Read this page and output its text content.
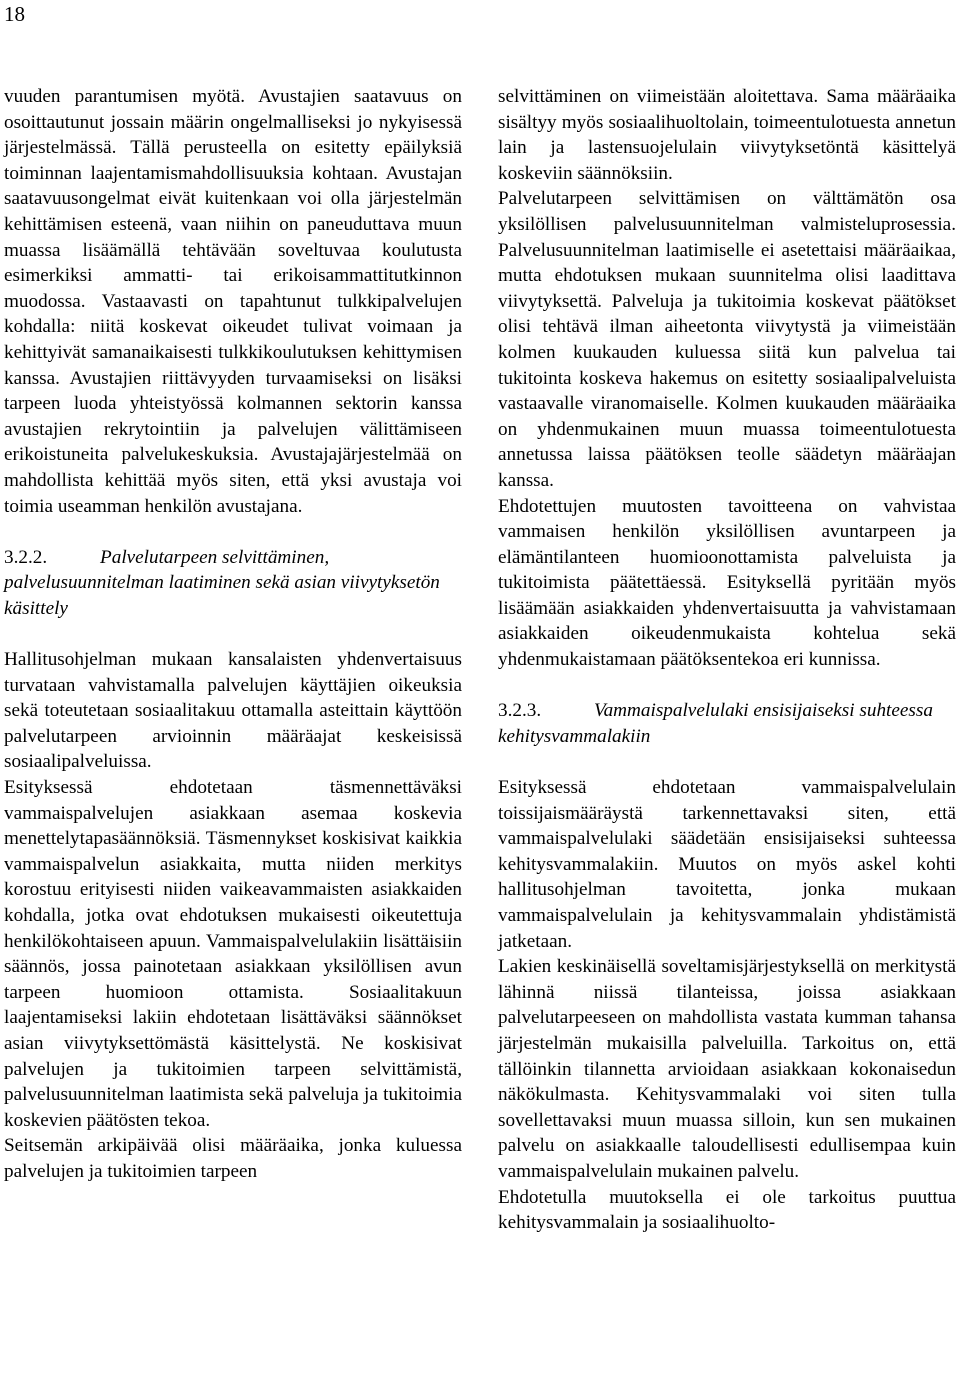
18

vuuden parantumisen myötä. Avustajien saatavuus on osoittautunut jossain määrin ongelmalliseksi jo nykyisessä järjestelmässä. Tällä perusteella on esitetty epäilyksiä toiminnan laajentamismahdollisuuksia kohtaan. Avustajan saatavuusongelmat eivät kuitenkaan voi olla järjestelmän kehittämisen esteenä, vaan niihin on paneuduttava muun muassa lisäämällä tehtävään soveltuvaa koulutusta esimerkiksi ammatti- tai erikoisammattitutkinnon muodossa. Vastaavasti on tapahtunut tulkkipalvelujen kohdalla: niitä koskevat oikeudet tulivat voimaan ja kehittyivät samanaikaisesti tulkkikoulutuksen kehittymisen kanssa. Avustajien riittävyyden turvaamiseksi on lisäksi tarpeen luoda yhteistyössä kolmannen sektorin kanssa avustajien rekrytointiin ja palvelujen välittämiseen erikoistuneita palvelukeskuksia. Avustajajärjestelmää on mahdollista kehittää myös siten, että yksi avustaja voi toimia useamman henkilön avustajana.

3.2.2.	Palvelutarpeen selvittäminen, palvelusuunnitelman laatiminen sekä asian viivytyksetön käsittely

Hallitusohjelman mukaan kansalaisten yhdenvertaisuus turvataan vahvistamalla palvelujen käyttäjien oikeuksia sekä toteutetaan sosiaalitakuu ottamalla asteittain käyttöön palvelutarpeen arvioinnin määräajat keskeisissä sosiaalipalveluissa.

Esityksessä ehdotetaan täsmennettäväksi vammaispalvelujen asiakkaan asemaa koskevia menettelytapasäännöksiä. Täsmennykset koskisivat kaikkia vammaispalvelun asiakkaita, mutta niiden merkitys korostuu erityisesti niiden vaikeavammaisten asiakkaiden kohdalla, jotka ovat ehdotuksen mukaisesti oikeutettuja henkilökohtaiseen apuun. Vammaispalvelulakiin lisättäisiin säännös, jossa painotetaan asiakkaan yksilöllisen avun tarpeen huomioon ottamista. Sosiaalitakuun laajentamiseksi lakiin ehdotetaan lisättäväksi säännökset asian viivytyksettömästä käsittelystä. Ne koskisivat palvelujen ja tukitoimien tarpeen selvittämistä, palvelusuunnitelman laatimista sekä palveluja ja tukitoimia koskevien päätösten tekoa.

Seitsemän arkipäivää olisi määräaika, jonka kuluessa palvelujen ja tukitoimien tarpeen

selvittäminen on viimeistään aloitettava. Sama määräaika sisältyy myös sosiaalihuoltolain, toimeentulotuesta annetun lain ja lastensuojelulain viivytyksetöntä käsittelyä koskeviin säännöksiin.

Palvelutarpeen selvittämisen on välttämätön osa yksilöllisen palvelusuunnitelman valmisteluprosessia. Palvelusuunnitelman laatimiselle ei asetettaisi määräaikaa, mutta ehdotuksen mukaan suunnitelma olisi laadittava viivytyksettä. Palveluja ja tukitoimia koskevat päätökset olisi tehtävä ilman aiheetonta viivytystä ja viimeistään kolmen kuukauden kuluessa siitä kun palvelua tai tukitointa koskeva hakemus on esitetty sosiaalipalveluista vastaavalle viranomaiselle. Kolmen kuukauden määräaika on yhdenmukainen muun muassa toimeentulotuesta annetussa laissa päätöksen teolle säädetyn määräajan kanssa.

Ehdotettujen muutosten tavoitteena on vahvistaa vammaisen henkilön yksilöllisen avuntarpeen ja elämäntilanteen huomioonottamista palveluista ja tukitoimista päätettäessä. Esityksellä pyritään myös lisäämään asiakkaiden yhdenvertaisuutta ja vahvistamaan asiakkaiden oikeudenmukaista kohtelua sekä yhdenmukaistamaan päätöksentekoa eri kunnissa.

3.2.3.	Vammaispalvelulaki ensisijaiseksi suhteessa kehitysvammalakiin

Esityksessä ehdotetaan vammaispalvelulain toissijaismääräystä tarkennettavaksi siten, että vammaispalvelulaki säädetään ensisijaiseksi suhteessa kehitysvammalakiin. Muutos on myös askel kohti hallitusohjelman tavoitetta, jonka mukaan vammaispalvelulain ja kehitysvammalain yhdistämistä jatketaan.

Lakien keskinäisellä soveltamisjärjestyksellä on merkitystä lähinnä niissä tilanteissa, joissa asiakkaan palvelutarpeeseen on mahdollista vastata kumman tahansa järjestelmän mukaisilla palveluilla. Tarkoitus on, että tällöinkin tilannetta arvioidaan asiakkaan kokonaisedun näkökulmasta. Kehitysvammalaki voi siten tulla sovellettavaksi muun muassa silloin, kun sen mukainen palvelu on asiakkaalle taloudellisesti edullisempaa kuin vammaispalvelulain mukainen palvelu.

Ehdotetulla muutoksella ei ole tarkoitus puuttua kehitysvammalain ja sosiaalihuolto-
